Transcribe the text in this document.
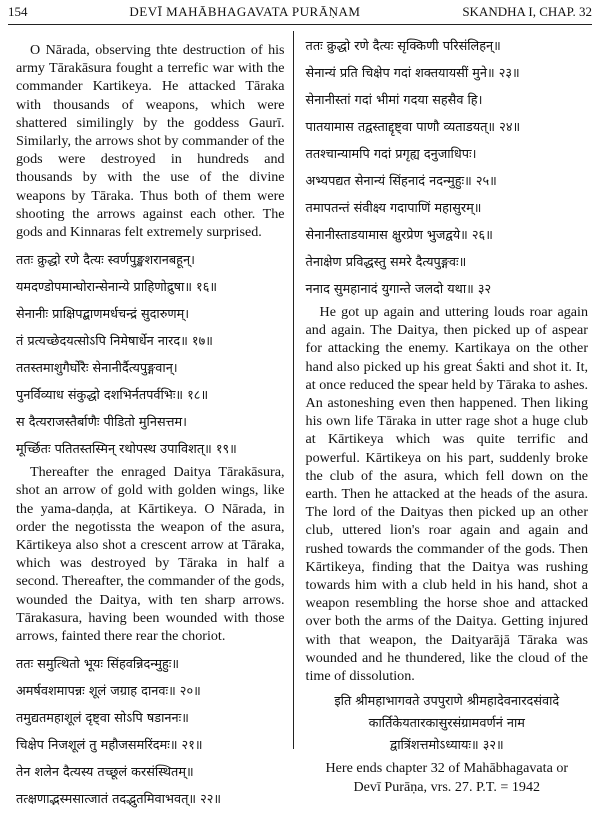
154	DEVĪ MAHĀBHAGAVATA PURĀṆAM	SKANDHA I, CHAP. 32

O Nārada, observing thte destruction of his army Tārakāsura fought a terrefic war with the commander Kartikeya. He attacked Tāraka with thousands of weapons, which were shattered similingly by the goddess Gaurī. Similarly, the arrows shot by commander of the gods were destroyed in hundreds and thousands by with the use of the divine weapons by Tāraka. Thus both of them were shooting the arrows against each other. The gods and Kinnaras felt extremely surprised.

ततः क्रुद्धो रणे दैत्यः स्वर्णपुङ्खशरानबहून्।
यमदण्डोपमान्घोरान्सेनान्ये प्राहिणोद्रुषा॥ १६॥
सेनानीः प्राक्षिपद्बाणमर्धचन्द्रं सुदारुणम्।
तं प्रत्यच्छेदयत्सोऽपि निमेषार्धेन नारद॥ १७॥
ततस्तमाशुगैर्घोरैः सेनानीर्दैत्यपुङ्गवान्।
पुनर्विव्याध संकुद्धो दशभिर्नतपर्वभिः॥ १८॥
स दैत्यराजस्तैर्बाणैः पीडितो मुनिसत्तम।
मूर्च्छितः पतितस्तस्मिन् रथोपस्थ उपाविशत्॥ १९॥

Thereafter the enraged Daitya Tārakāsura, shot an arrow of gold with golden wings, like the yama-daṇḍa, at Kārtikeya. O Nārada, in order the negotissta the weapon of the asura, Kārtikeya also shot a crescent arrow at Tāraka, which was destroyed by Tāraka in half a second. Thereafter, the commander of the gods, wounded the Daitya, with ten sharp arrows. Tārakasura, having been wounded with those arrows, fainted there rear the choriot.

ततः समुत्थितो भूयः सिंहवन्निदन्मुहुः॥
अमर्षवशमापन्नः शूलं जग्राह दानवः॥ २०॥
तमुद्यतमहाशूलं दृष्ट्वा सोऽपि षडाननः॥
चिक्षेप निजशूलं तु महौजसमरिंदमः॥ २१॥
तेन शलेन दैत्यस्य तच्छूलं करसंस्थितम्॥
तत्क्षणाद्भस्मसात्जातं तदद्भुतमिवाभवत्॥ २२॥
ततः क्रुद्धो रणे दैत्यः सृक्किणी परिसंलिहन्॥
सेनान्यं प्रति चिक्षेप गदां शक्तयायसीं मुने॥ २३॥
सेनानीस्तां गदां भीमां गदया सहसैव हि।
पातयामास तद्वस्ताद्दृष्ट्वा पाणौ व्यताडयत्॥ २४॥
ततश्चान्यामपि गदां प्रगृह्य दनुजाधिपः।
अभ्यपद्यत सेनान्यं सिंहनादं नदन्मुहुः॥ २५॥
तमापतन्तं संवीक्ष्य गदापाणिं महासुरम्॥
सेनानीस्ताडयामास क्षुरप्रेण भुजद्वये॥ २६॥
तेनाक्षेण प्रविद्धस्तु समरे दैत्यपुङ्गवः॥
ननाद सुमहानादं युगान्ते जलदो यथा॥ ३२

He got up again and uttering louds roar again and again. The Daitya, then picked up of aspear for attacking the enemy. Kartikaya on the other hand also picked up his great Śakti and shot it. It, at once reduced the spear held by Tāraka to ashes. An astoneshing even then happened. Then liking his own life Tāraka in utter rage shot a huge club at Kārtikeya which was quite terrific and powerful. Kārtikeya on his part, suddenly broke the club of the asura, which fell down on the earth. Then he attacked at the heads of the asura. The lord of the Daityas then picked up an other club, uttered lion's roar again and again and rushed towards the commander of the gods. Then Kārtikeya, finding that the Daitya was rushing towards him with a club held in his hand, shot a weapon resembling the horse shoe and attacked over both the arms of the Daitya. Getting injured with that weapon, the Daityarājā Tāraka was wounded and he thundered, like the cloud of the time of dissolution.

इति श्रीमहाभागवते उपपुराणे श्रीमहादेवनारदसंवादे
कार्तिकेयतारकासुरसंग्रामवर्णनं नाम
द्वात्रिंशत्तमोऽध्यायः॥ ३२॥
Here ends chapter 32 of Mahābhagavata or
Devī Purāṇa, vrs. 27. P.T. = 1942
